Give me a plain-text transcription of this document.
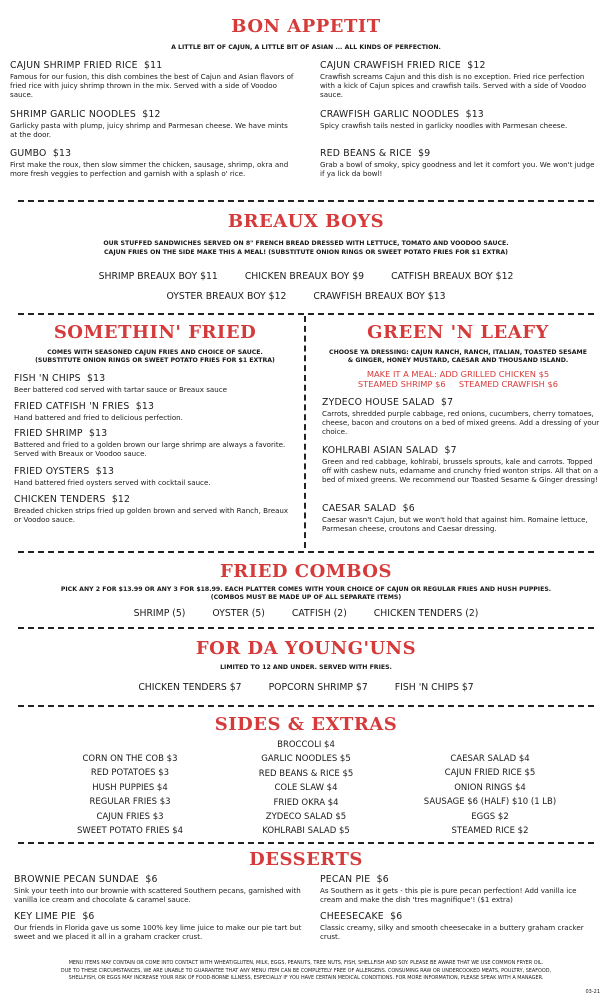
BON APPETIT
A LITTLE BIT OF CAJUN, A LITTLE BIT OF ASIAN ... ALL KINDS OF PERFECTION.
CAJUN SHRIMP FRIED RICE $11
Famous for our fusion, this dish combines the best of Cajun and Asian flavors of fried rice with juicy shrimp thrown in the mix. Served with a side of Voodoo sauce.
SHRIMP GARLIC NOODLES $12
Garlicky pasta with plump, juicy shrimp and Parmesan cheese. We have mints at the door.
GUMBO $13
First make the roux, then slow simmer the chicken, sausage, shrimp, okra and more fresh veggies to perfection and garnish with a splash o' rice.
CAJUN CRAWFISH FRIED RICE $12
Crawfish screams Cajun and this dish is no exception. Fried rice perfection with a kick of Cajun spices and crawfish tails. Served with a side of Voodoo sauce.
CRAWFISH GARLIC NOODLES $13
Spicy crawfish tails nested in garlicky noodles with Parmesan cheese.
RED BEANS & RICE $9
Grab a bowl of smoky, spicy goodness and let it comfort you. We won't judge if ya lick da bowl!
BREAUX BOYS
OUR STUFFED SANDWICHES SERVED ON 8" FRENCH BREAD DRESSED WITH LETTUCE, TOMATO AND VOODOO SAUCE.
CAJUN FRIES ON THE SIDE MAKE THIS A MEAL! (SUBSTITUTE ONION RINGS OR SWEET POTATO FRIES FOR $1 EXTRA)
SHRIMP BREAUX BOY $11	CHICKEN BREAUX BOY $9	CATFISH BREAUX BOY $12
OYSTER BREAUX BOY $12	CRAWFISH BREAUX BOY $13
SOMETHIN' FRIED
COMES WITH SEASONED CAJUN FRIES AND CHOICE OF SAUCE.
(SUBSTITUTE ONION RINGS OR SWEET POTATO FRIES FOR $1 EXTRA)
FISH 'N CHIPS $13
Beer battered cod served with tartar sauce or Breaux sauce
FRIED CATFISH 'N FRIES $13
Hand battered and fried to delicious perfection.
FRIED SHRIMP $13
Battered and fried to a golden brown our large shrimp are always a favorite. Served with Breaux or Voodoo sauce.
FRIED OYSTERS $13
Hand battered fried oysters served with cocktail sauce.
CHICKEN TENDERS $12
Breaded chicken strips fried up golden brown and served with Ranch, Breaux or Voodoo sauce.
GREEN 'N LEAFY
CHOOSE YA DRESSING: CAJUN RANCH, RANCH, ITALIAN, TOASTED SESAME
& GINGER, HONEY MUSTARD, CAESAR AND THOUSAND ISLAND.
MAKE IT A MEAL: ADD GRILLED CHICKEN $5
STEAMED SHRIMP $6 STEAMED CRAWFISH $6
ZYDECO HOUSE SALAD $7
Carrots, shredded purple cabbage, red onions, cucumbers, cherry tomatoes, cheese, bacon and croutons on a bed of mixed greens. Add a dressing of your choice.
KOHLRABI ASIAN SALAD $7
Green and red cabbage, kohlrabi, brussels sprouts, kale and carrots. Topped off with cashew nuts, edamame and crunchy fried wonton strips. All that on a bed of mixed greens. We recommend our Toasted Sesame & Ginger dressing!
CAESAR SALAD $6
Caesar wasn't Cajun, but we won't hold that against him. Romaine lettuce, Parmesan cheese, croutons and Caesar dressing.
FRIED COMBOS
PICK ANY 2 FOR $13.99 OR ANY 3 FOR $18.99. EACH PLATTER COMES WITH YOUR CHOICE OF CAJUN OR REGULAR FRIES AND HUSH PUPPIES.
(COMBOS MUST BE MADE UP OF ALL SEPARATE ITEMS)
SHRIMP (5)	OYSTER (5)	CATFISH (2)	CHICKEN TENDERS (2)
FOR DA YOUNG'UNS
LIMITED TO 12 AND UNDER. SERVED WITH FRIES.
CHICKEN TENDERS $7	POPCORN SHRIMP $7	FISH 'N CHIPS $7
SIDES & EXTRAS
CORN ON THE COB $3
RED POTATOES $3
HUSH PUPPIES $4
REGULAR FRIES $3
CAJUN FRIES $3
SWEET POTATO FRIES $4
BROCCOLI $4
GARLIC NOODLES $5
RED BEANS & RICE $5
COLE SLAW $4
FRIED OKRA $4
ZYDECO SALAD $5
KOHLRABI SALAD $5
CAESAR SALAD $4
CAJUN FRIED RICE $5
ONION RINGS $4
SAUSAGE $6 (HALF) $10 (1 LB)
EGGS $2
STEAMED RICE $2
DESSERTS
BROWNIE PECAN SUNDAE $6
Sink your teeth into our brownie with scattered Southern pecans, garnished with vanilla ice cream and chocolate & caramel sauce.
KEY LIME PIE $6
Our friends in Florida gave us some 100% key lime juice to make our pie tart but sweet and we placed it all in a graham cracker crust.
PECAN PIE $6
As Southern as it gets - this pie is pure pecan perfection! Add vanilla ice cream and make the dish 'tres magnifique'! ($1 extra)
CHEESECAKE $6
Classic creamy, silky and smooth cheesecake in a buttery graham cracker crust.
MENU ITEMS MAY CONTAIN OR COME INTO CONTACT WITH WHEAT/GLUTEN, MILK, EGGS, PEANUTS, TREE NUTS, FISH, SHELLFISH AND SOY. PLEASE BE AWARE THAT WE USE COMMON FRYER OIL.
DUE TO THESE CIRCUMSTANCES, WE ARE UNABLE TO GUARANTEE THAT ANY MENU ITEM CAN BE COMPLETELY FREE OF ALLERGENS. CONSUMING RAW OR UNDERCOOKED MEATS, POULTRY, SEAFOOD,
SHELLFISH, OR EGGS MAY INCREASE YOUR RISK OF FOOD-BORNE ILLNESS, ESPECIALLY IF YOU HAVE CERTAIN MEDICAL CONDITIONS. FOR MORE INFORMATION, PLEASE SPEAK WITH A MANAGER.
03-21
